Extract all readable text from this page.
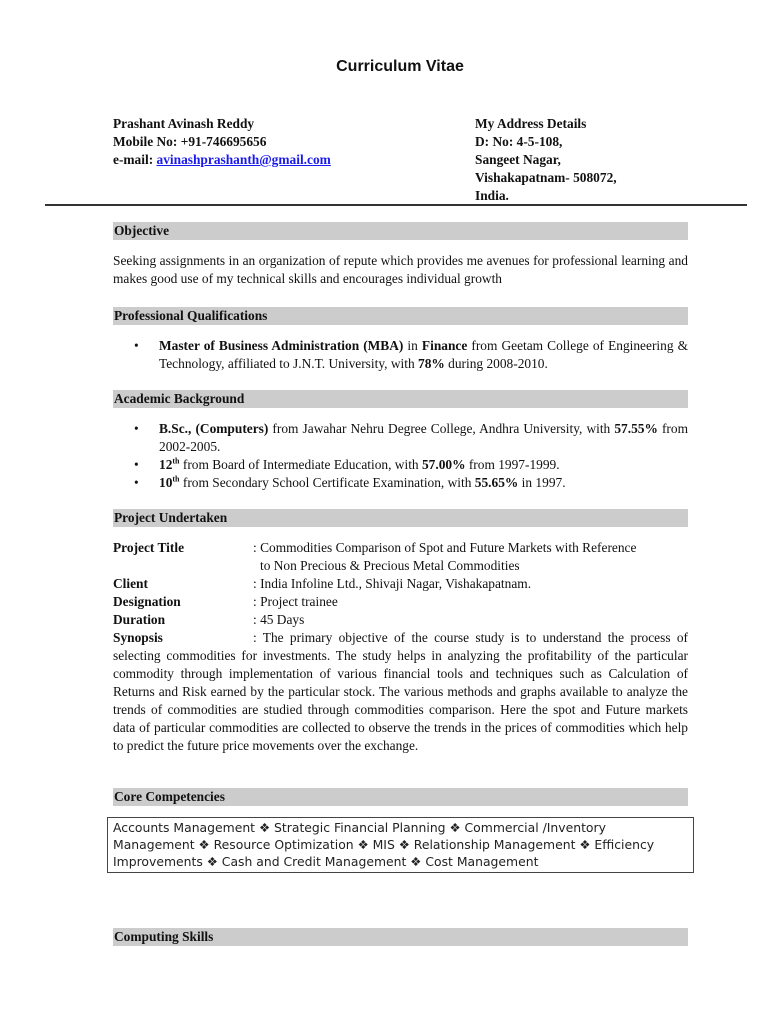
Curriculum Vitae
Prashant Avinash Reddy
Mobile No: +91-746695656
e-mail: avinashprashanth@gmail.com
My Address Details
D: No: 4-5-108,
Sangeet Nagar,
Vishakapatnam- 508072,
India.
Objective
Seeking assignments in an organization of repute which provides me avenues for professional learning and makes good use of my technical skills and encourages individual growth
Professional Qualifications
• Master of Business Administration (MBA) in Finance from Geetam College of Engineering & Technology, affiliated to J.N.T. University, with 78% during 2008-2010.
Academic Background
• B.Sc., (Computers) from Jawahar Nehru Degree College, Andhra University, with 57.55% from 2002-2005.
• 12th from Board of Intermediate Education, with 57.00% from 1997-1999.
• 10th from Secondary School Certificate Examination, with 55.65% in 1997.
Project Undertaken
Project Title	: Commodities Comparison of Spot and Future Markets with Reference
to Non Precious & Precious Metal Commodities
Client	: India Infoline Ltd., Shivaji Nagar, Vishakapatnam.
Designation	: Project trainee
Duration	: 45 Days
Synopsis	: The primary objective of the course study is to understand the process of selecting commodities for investments. The study helps in analyzing the profitability of the particular commodity through implementation of various financial tools and techniques such as Calculation of Returns and Risk earned by the particular stock. The various methods and graphs available to analyze the trends of commodities are studied through commodities comparison. Here the spot and Future markets data of particular commodities are collected to observe the trends in the prices of commodities which help to predict the future price movements over the exchange.
Core Competencies
Accounts Management ❖ Strategic Financial Planning ❖ Commercial /Inventory Management ❖ Resource Optimization ❖ MIS ❖ Relationship Management ❖ Efficiency Improvements ❖ Cash and Credit Management ❖ Cost Management
Computing Skills
